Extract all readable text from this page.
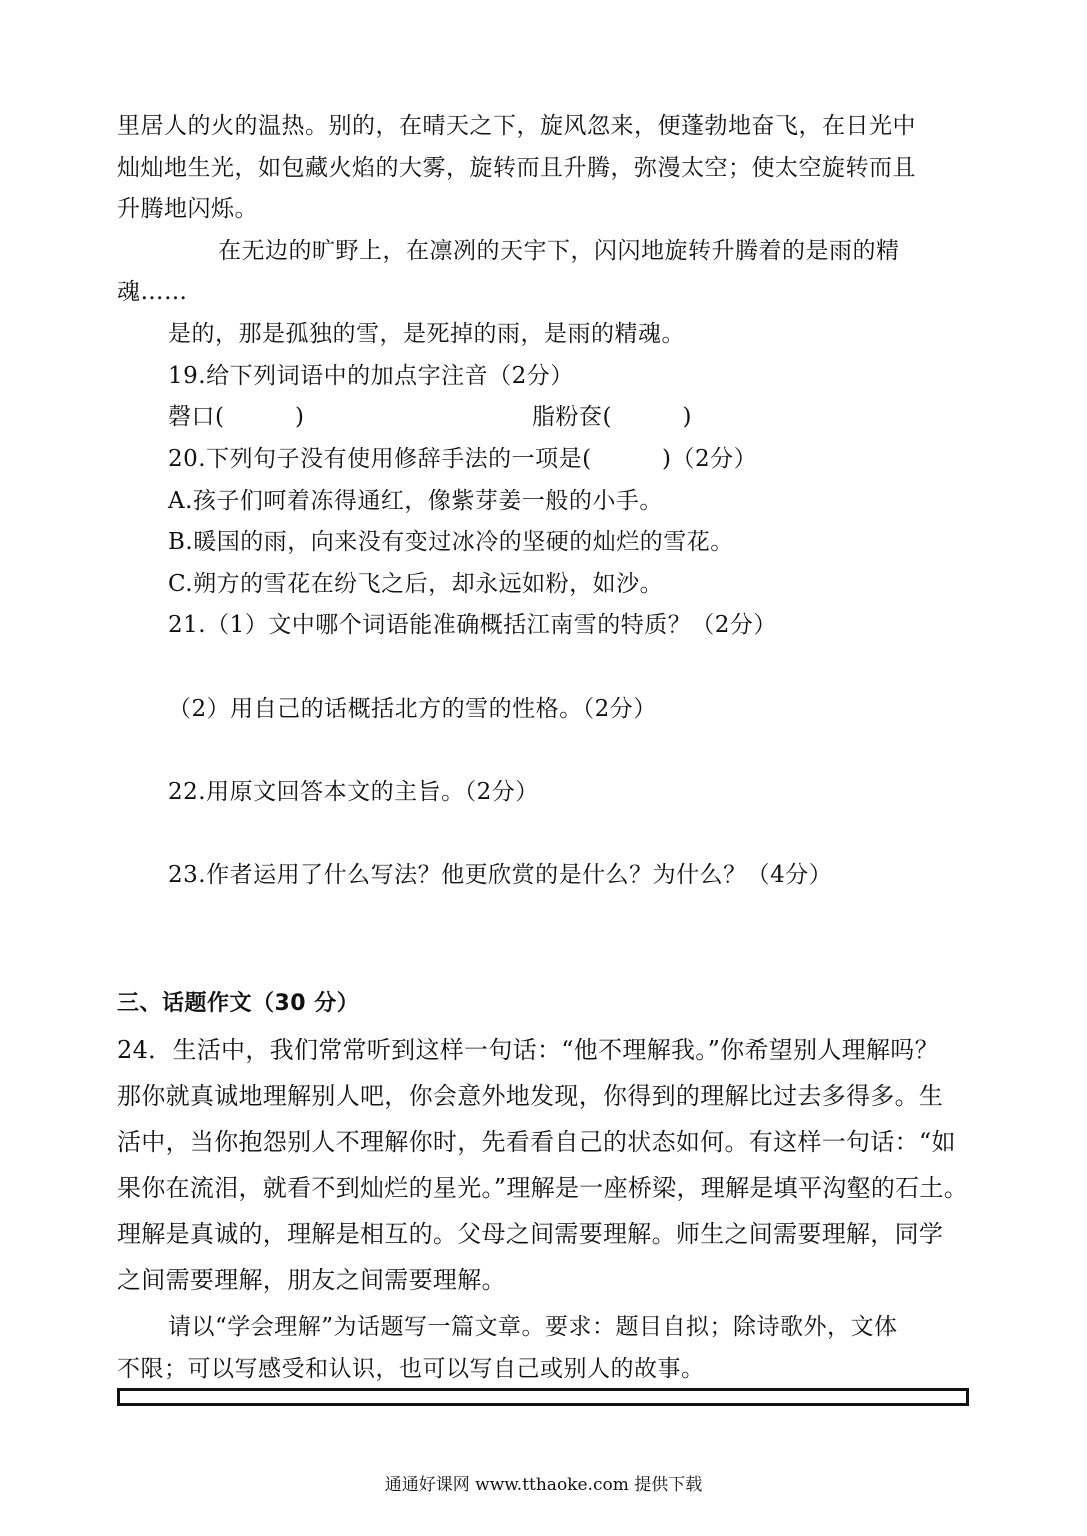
里居人的火的温热。别的，在晴天之下，旋风忽来，便蓬勃地奋飞，在日光中
灿灿地生光，如包藏火焰的大雾，旋转而且升腾，弥漫太空；使太空旋转而且
升腾地闪烁。
在无边的旷野上，在凛冽的天宇下，闪闪地旋转升腾着的是雨的精
魂……
是的，那是孤独的雪，是死掉的雨，是雨的精魂。
19.给下列词语中的加点字注音（2分）
磬口(　　　)	脂粉奁(　　　)
20.下列句子没有使用修辞手法的一项是(　　　)（2分）
A.孩子们呵着冻得通红，像紫芽姜一般的小手。
B.暖国的雨，向来没有变过冰冷的坚硬的灿烂的雪花。
C.朔方的雪花在纷飞之后，却永远如粉，如沙。
21.（1）文中哪个词语能准确概括江南雪的特质？（2分）
（2）用自己的话概括北方的雪的性格。（2分）
22.用原文回答本文的主旨。（2分）
23.作者运用了什么写法？他更欣赏的是什么？为什么？（4分）
三、话题作文（30 分）
24．生活中，我们常常听到这样一句话：“他不理解我。”你希望别人理解吗？
那你就真诚地理解别人吧，你会意外地发现，你得到的理解比过去多得多。生
活中，当你抱怨别人不理解你时，先看看自己的状态如何。有这样一句话：“如
果你在流泪，就看不到灿烂的星光。”理解是一座桥梁，理解是填平沟壑的石土。
理解是真诚的，理解是相互的。父母之间需要理解。师生之间需要理解，同学
之间需要理解，朋友之间需要理解。
请以“学会理解”为话题写一篇文章。要求：题目自拟；除诗歌外，文体
不限；可以写感受和认识，也可以写自己或别人的故事。
通通好课网 www.tthaoke.com 提供下载
